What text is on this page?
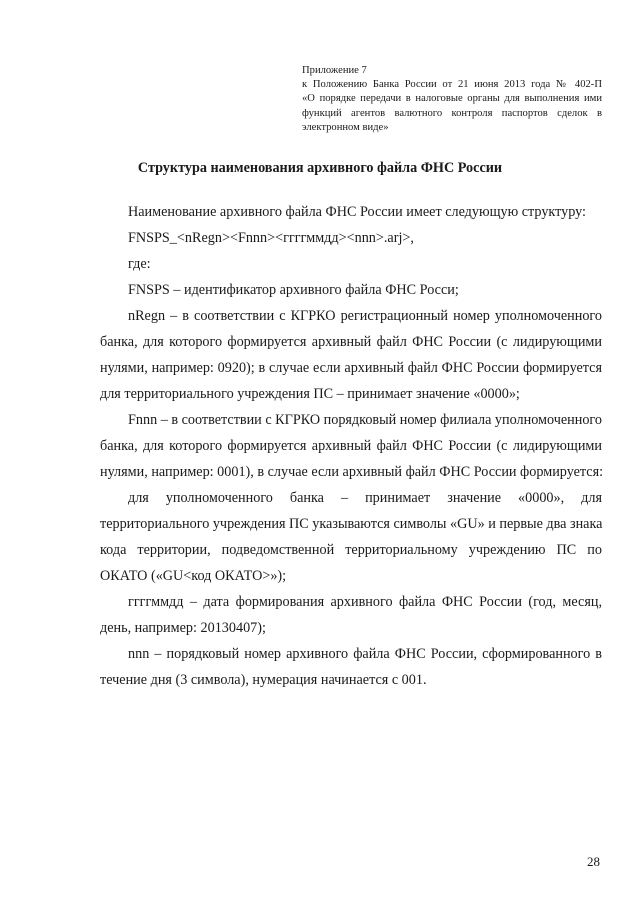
Приложение 7
к Положению Банка России от 21 июня 2013 года № 402-П
«О порядке передачи в налоговые органы для выполнения ими
функций агентов валютного контроля паспортов сделок в
электронном виде»
Структура наименования архивного файла ФНС России
Наименование архивного файла ФНС России имеет следующую структуру:
FNSPS_<nRegn><Fnnn><ггггммдд><nnn>.arj>,
где:
FNSPS – идентификатор архивного файла ФНС Росси;
nRegn – в соответствии с КГРКО регистрационный номер уполномоченного
банка, для которого формируется архивный файл ФНС России (с лидирующими
нулями, например: 0920); в случае если архивный файл ФНС России формируется
для территориального учреждения ПС – принимает значение «0000»;
Fnnn – в соответствии с КГРКО порядковый номер филиала уполномоченного
банка, для которого формируется архивный файл ФНС России (с лидирующими
нулями, например: 0001), в случае если архивный файл ФНС России формируется:
для уполномоченного банка – принимает значение «0000», для
территориального учреждения ПС указываются символы «GU» и первые два знака
кода территории, подведомственной территориальному учреждению ПС по
ОКАТО («GU<код ОКАТО>»);
ггггммдд – дата формирования архивного файла ФНС России (год, месяц,
день, например: 20130407);
nnn – порядковый номер архивного файла ФНС России, сформированного в
течение дня (3 символа), нумерация начинается с 001.
28
